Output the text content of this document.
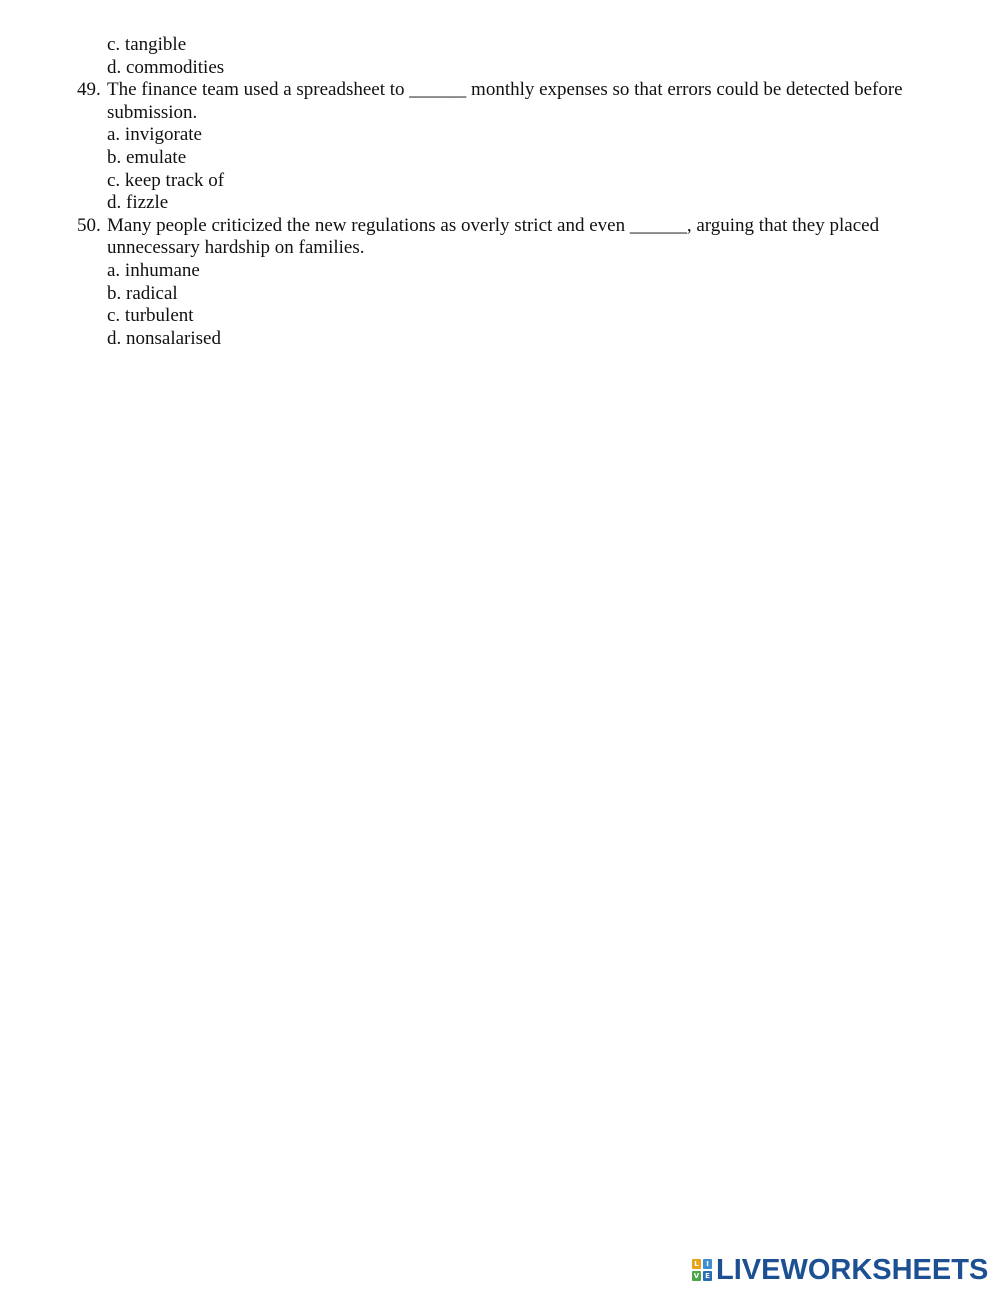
c. tangible
d. commodities
49. The finance team used a spreadsheet to ______ monthly expenses so that errors could be detected before submission.
a. invigorate
b. emulate
c. keep track of
d. fizzle
50. Many people criticized the new regulations as overly strict and even ______, arguing that they placed unnecessary hardship on families.
a. inhumane
b. radical
c. turbulent
d. nonsalarised
L	I
V E LIVEWORKSHEETS
